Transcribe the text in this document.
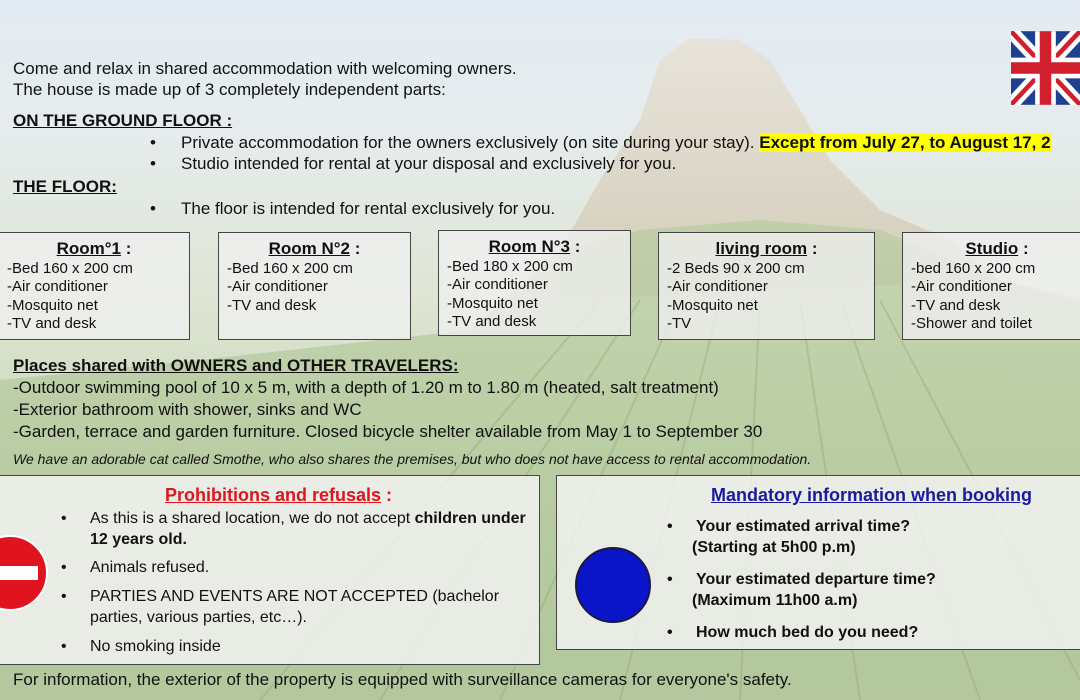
Come and relax in shared accommodation with welcoming owners.
The house is made up of 3 completely independent parts:
ON THE GROUND FLOOR :
• Private accommodation for the owners exclusively (on site during your stay). Except from July 27, to August 17, 2
• Studio intended for rental at your disposal and exclusively for you.
THE FLOOR:
• The floor is intended for rental exclusively for you.
Room°1 :
-Bed 160 x 200 cm
-Air conditioner
-Mosquito net
-TV and desk
Room N°2 :
-Bed 160 x 200 cm
-Air conditioner
-TV and desk
Room N°3 :
-Bed 180 x 200 cm
-Air conditioner
-Mosquito net
-TV and desk
living room :
-2 Beds 90 x 200 cm
-Air conditioner
-Mosquito net
-TV
Studio :
-bed 160 x 200 cm
-Air conditioner
-TV and desk
-Shower and toilet
Places shared with OWNERS and OTHER TRAVELERS:
-Outdoor swimming pool of 10 x 5 m, with a depth of 1.20 m to 1.80 m (heated, salt treatment)
-Exterior bathroom with shower, sinks and WC
-Garden, terrace and garden furniture. Closed bicycle shelter available from May 1 to September 30
We have an adorable cat called Smothe, who also shares the premises, but who does not have access to rental accommodation.
Prohibitions and refusals :
• As this is a shared location, we do not accept children under 12 years old.
• Animals refused.
• PARTIES AND EVENTS ARE NOT ACCEPTED (bachelor parties, various parties, etc…).
• No smoking inside
Mandatory information when booking
• Your estimated arrival time?
(Starting at 5h00 p.m)
• Your estimated departure time?
(Maximum 11h00 a.m)
• How much bed do you need?
For information, the exterior of the property is equipped with surveillance cameras for everyone's safety.
